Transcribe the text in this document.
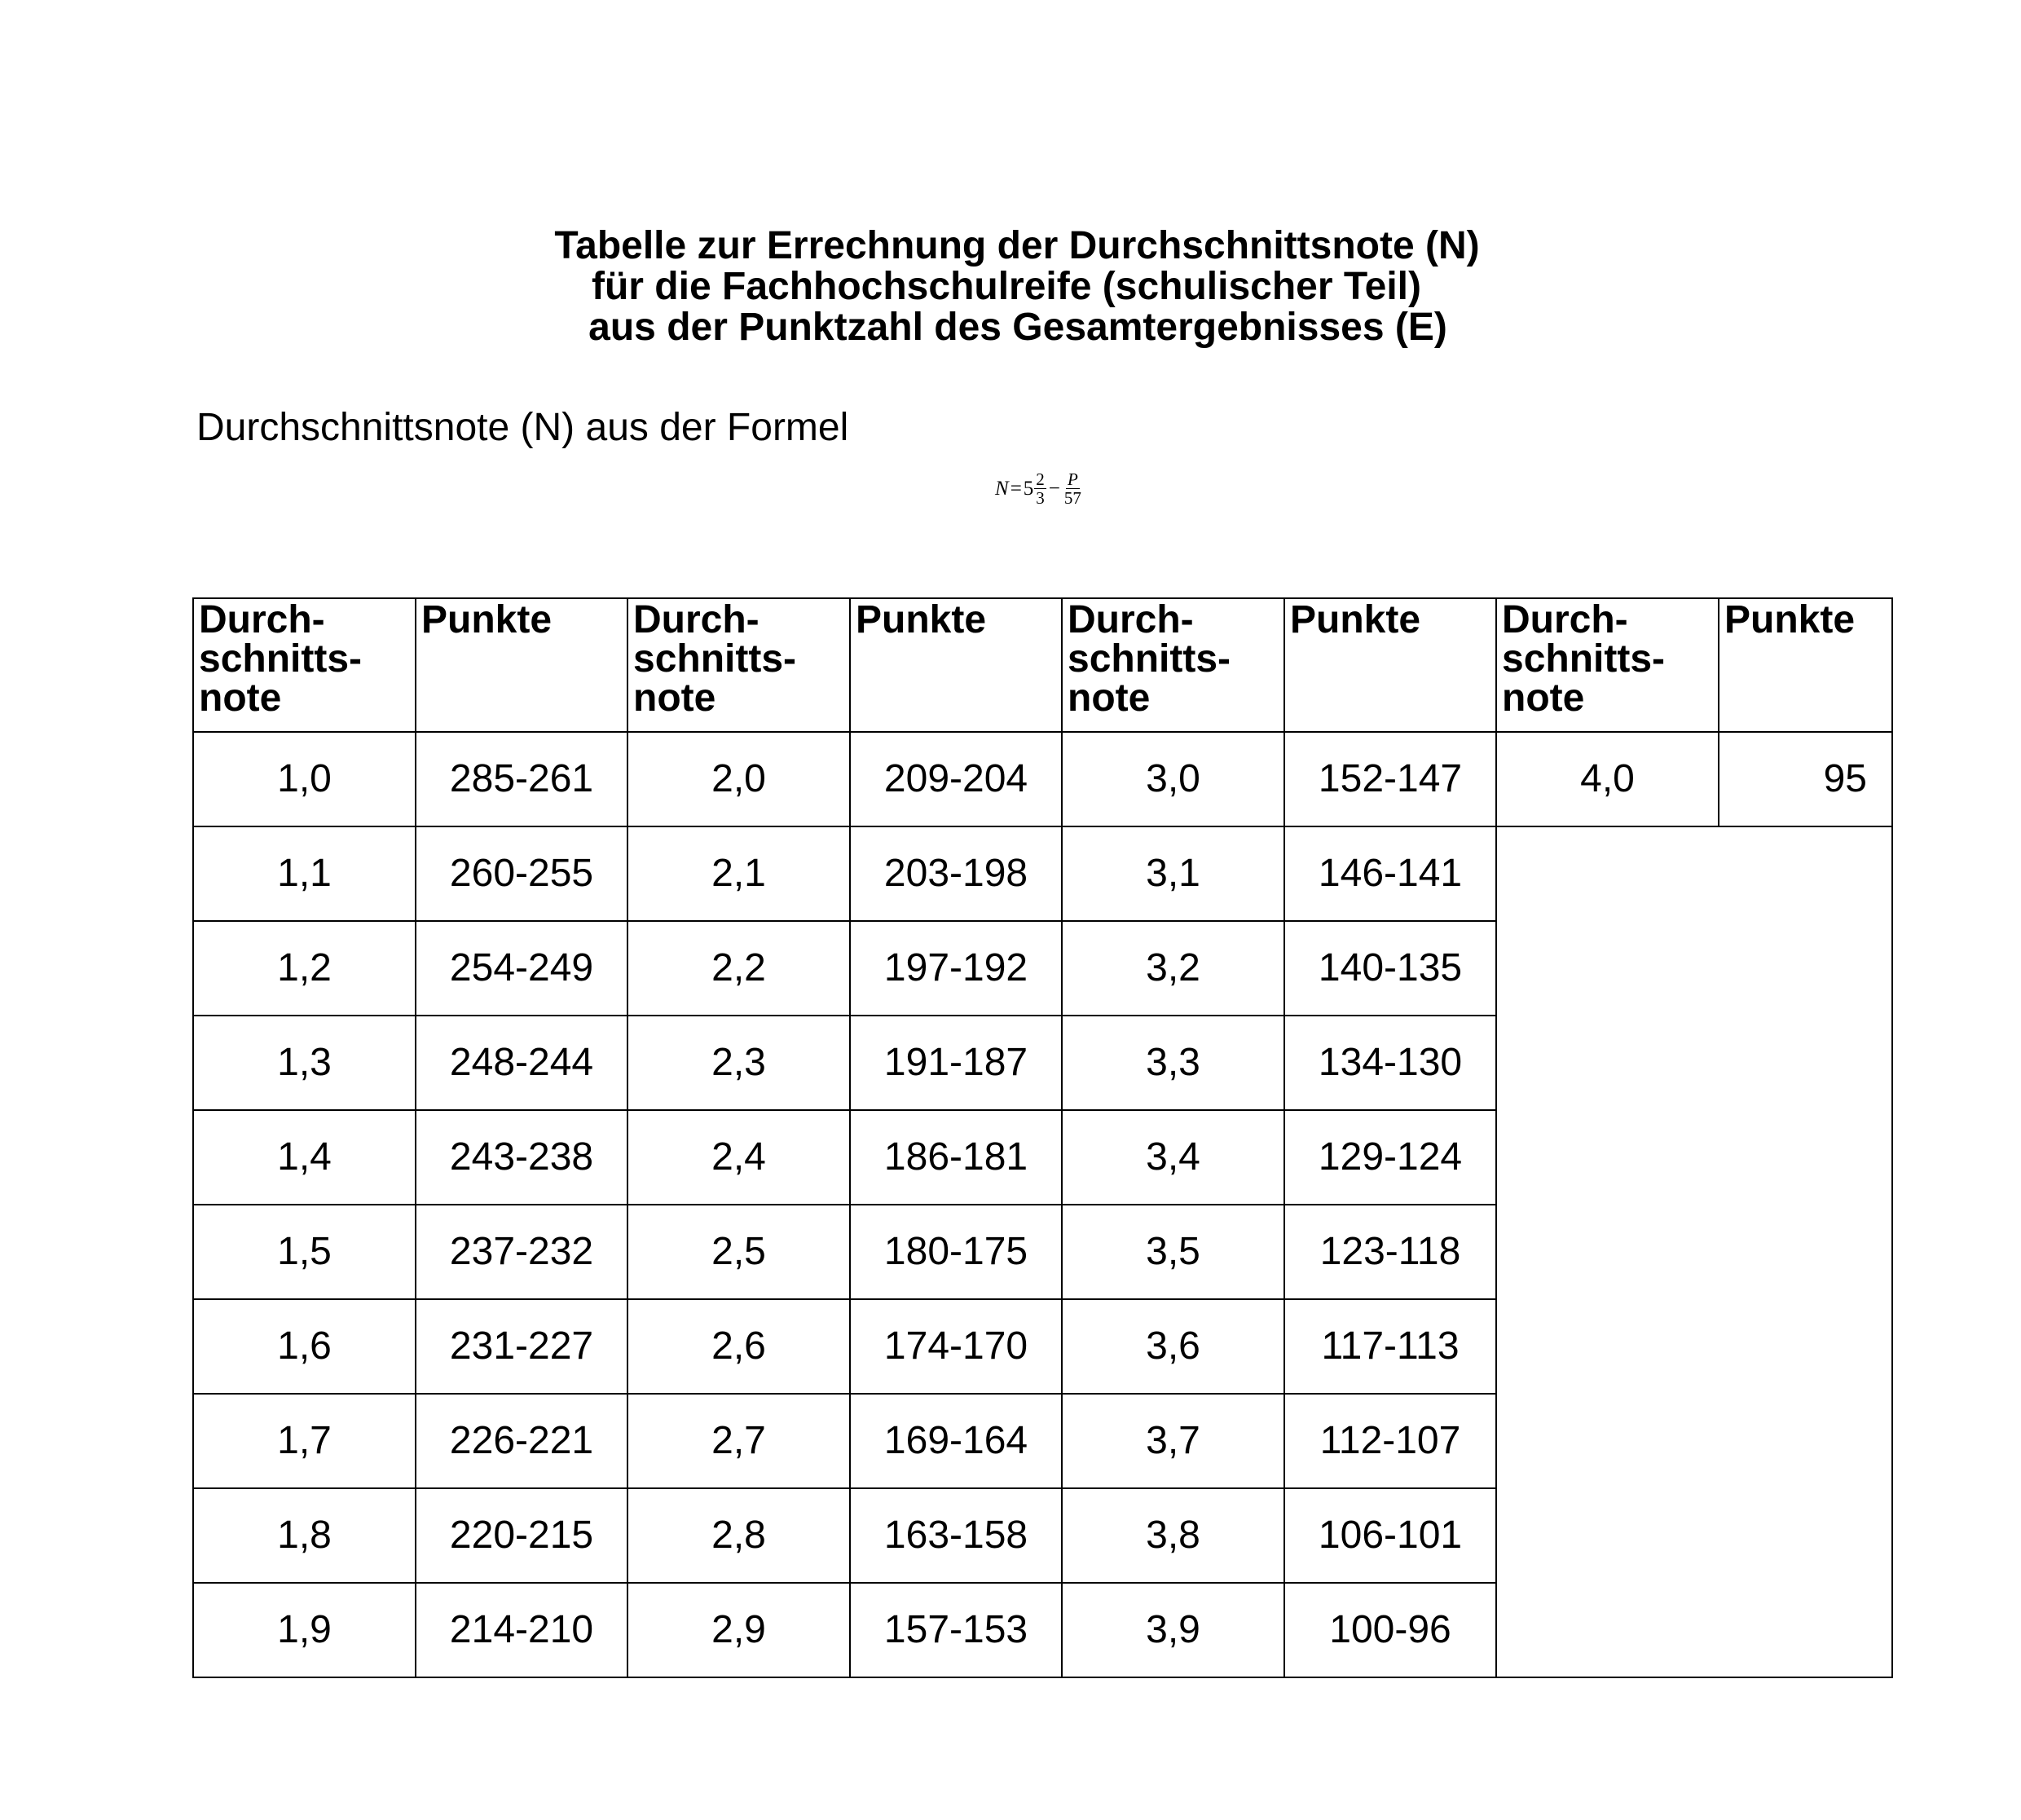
Tabelle zur Errechnung der Durchschnittsnote (N)
für die Fachhochschulreife (schulischer Teil)
aus der Punktzahl des Gesamtergebnisses (E)
Durchschnittsnote (N) aus der Formel
$N = 5 \frac{2}{3} - \frac{P}{57}$
Durch-
schnitts-
note	Punkte	Durch-
schnitts-
note	Punkte	Durch-
schnitts-
note	Punkte	Durch-
schnitts-
note	Punkte
1,0	285-261	2,0	209-204	3,0	152-147	4,0	95
1,1	260-255	2,1	203-198	3,1	146-141		
1,2	254-249	2,2	197-192	3,2	140-135		
1,3	248-244	2,3	191-187	3,3	134-130		
1,4	243-238	2,4	186-181	3,4	129-124		
1,5	237-232	2,5	180-175	3,5	123-118		
1,6	231-227	2,6	174-170	3,6	117-113		
1,7	226-221	2,7	169-164	3,7	112-107		
1,8	220-215	2,8	163-158	3,8	106-101		
1,9	214-210	2,9	157-153	3,9	100-96		
